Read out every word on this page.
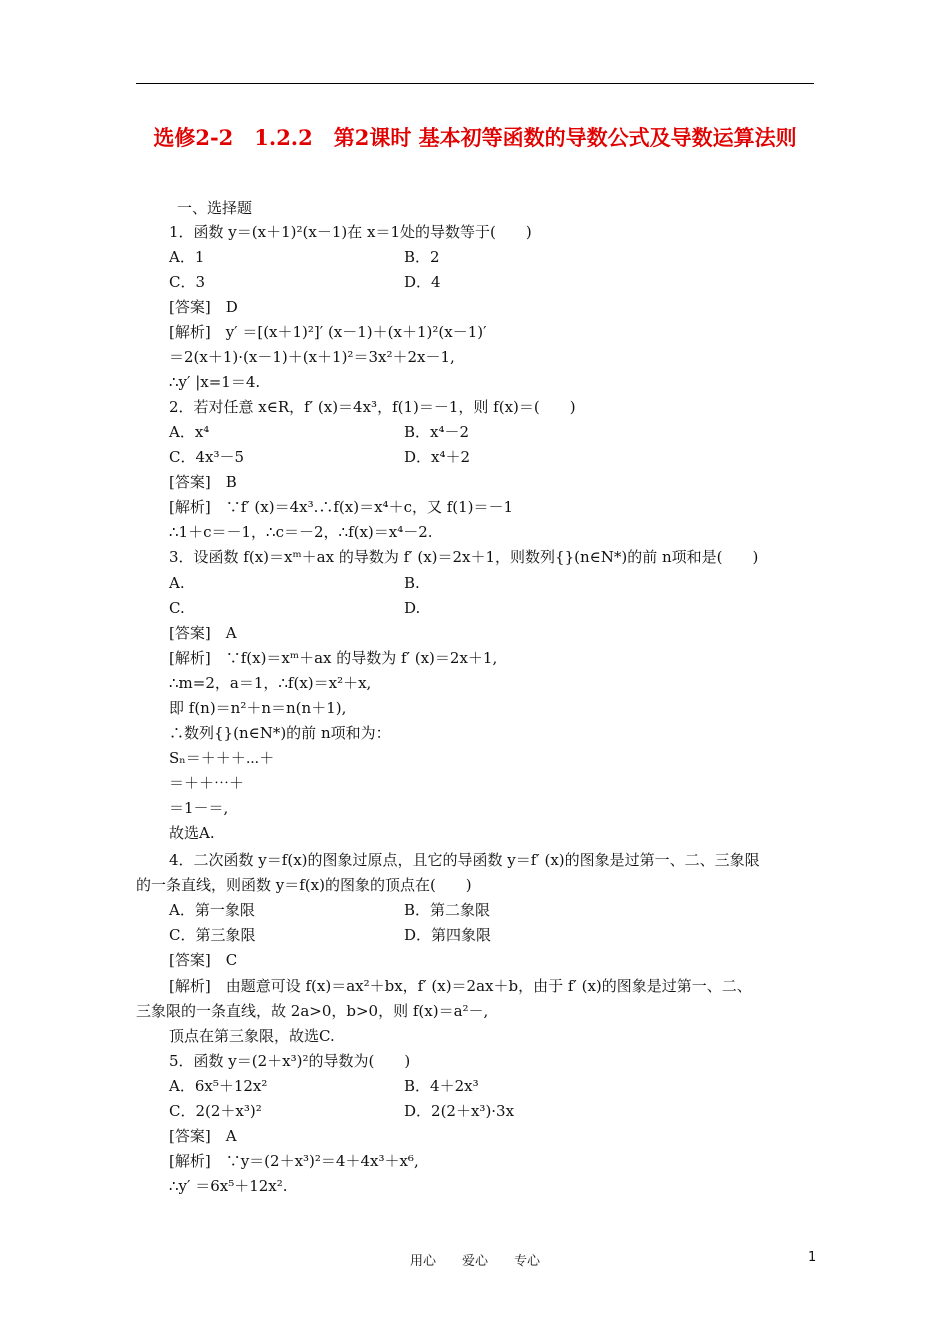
选修2-2　1.2.2　第2课时 基本初等函数的导数公式及导数运算法则
一、选择题
1．函数 y＝(x＋1)²(x－1)在 x＝1处的导数等于(　　)
A．1	B．2
C．3	D．4
[答案]　D
[解析]　y′ ＝[(x＋1)²]′ (x－1)＋(x＋1)²(x－1)′
＝2(x＋1)·(x－1)＋(x＋1)²＝3x²＋2x－1,
∴y′ |x=1＝4.
2．若对任意 x∈R，f′ (x)＝4x³，f(1)＝－1，则 f(x)＝(　　)
A．x⁴	B．x⁴－2
C．4x³－5	D．x⁴＋2
[答案]　B
[解析]　∵f′ (x)＝4x³.∴f(x)＝x⁴＋c，又 f(1)＝－1
∴1＋c＝－1，∴c＝－2，∴f(x)＝x⁴－2.
3．设函数 f(x)＝xᵐ＋ax 的导数为 f′ (x)＝2x＋1，则数列{}(n∈N*)的前 n项和是(　　)
A.	B.
C.	D.
[答案]　A
[解析]　∵f(x)＝xᵐ＋ax 的导数为 f′ (x)＝2x＋1,
∴m=2，a＝1，∴f(x)＝x²＋x,
即 f(n)＝n²＋n＝n(n＋1),
∴数列{}(n∈N*)的前 n项和为：
Sₙ＝＋＋＋⋯＋
＝＋＋⋯＋
＝1－＝,
故选A.
4．二次函数 y＝f(x)的图象过原点，且它的导函数 y＝f′ (x)的图象是过第一、二、三象限
的一条直线，则函数 y＝f(x)的图象的顶点在(　　)
A．第一象限	B．第二象限
C．第三象限	D．第四象限
[答案]　C
[解析]　由题意可设 f(x)＝ax²＋bx，f′ (x)＝2ax＋b，由于 f′ (x)的图象是过第一、二、
三象限的一条直线，故 2a>0，b>0，则 f(x)＝a²－,
顶点在第三象限，故选C.
5．函数 y＝(2＋x³)²的导数为(　　)
A．6x⁵＋12x²	B．4＋2x³
C．2(2＋x³)²	D．2(2＋x³)·3x
[答案]　A
[解析]　∵y＝(2＋x³)²＝4＋4x³＋x⁶,
∴y′ ＝6x⁵＋12x².
用心　　爱心　　专心	1
